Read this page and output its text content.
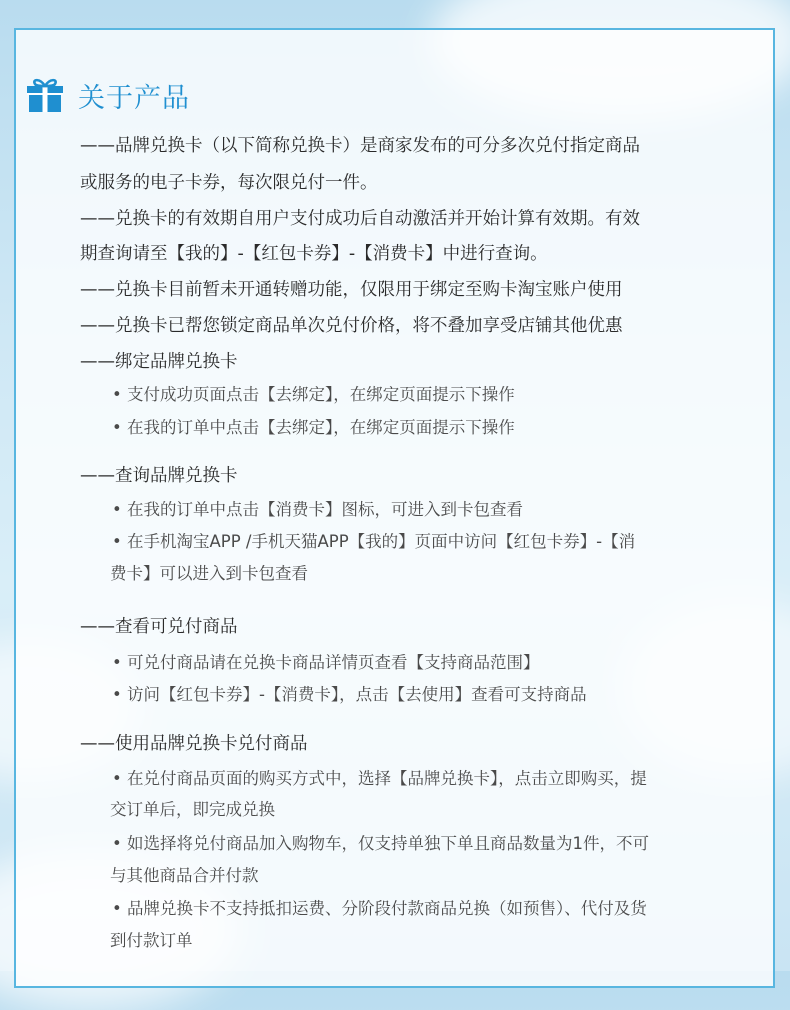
关于产品
——品牌兑换卡（以下简称兑换卡）是商家发布的可分多次兑付指定商品
或服务的电子卡券，每次限兑付一件。
——兑换卡的有效期自用户支付成功后自动激活并开始计算有效期。有效
期查询请至【我的】-【红包卡券】-【消费卡】中进行查询。
——兑换卡目前暂未开通转赠功能，仅限用于绑定至购卡淘宝账户使用
——兑换卡已帮您锁定商品单次兑付价格，将不叠加享受店铺其他优惠
——绑定品牌兑换卡
• 支付成功页面点击【去绑定】，在绑定页面提示下操作
• 在我的订单中点击【去绑定】，在绑定页面提示下操作
——查询品牌兑换卡
• 在我的订单中点击【消费卡】图标，可进入到卡包查看
• 在手机淘宝APP /手机天猫APP【我的】页面中访问【红包卡券】-【消
费卡】可以进入到卡包查看
——查看可兑付商品
• 可兑付商品请在兑换卡商品详情页查看【支持商品范围】
• 访问【红包卡券】-【消费卡】，点击【去使用】查看可支持商品
——使用品牌兑换卡兑付商品
• 在兑付商品页面的购买方式中，选择【品牌兑换卡】，点击立即购买，提
交订单后，即完成兑换
• 如选择将兑付商品加入购物车，仅支持单独下单且商品数量为1件，不可
与其他商品合并付款
• 品牌兑换卡不支持抵扣运费、分阶段付款商品兑换（如预售）、代付及货
到付款订单
